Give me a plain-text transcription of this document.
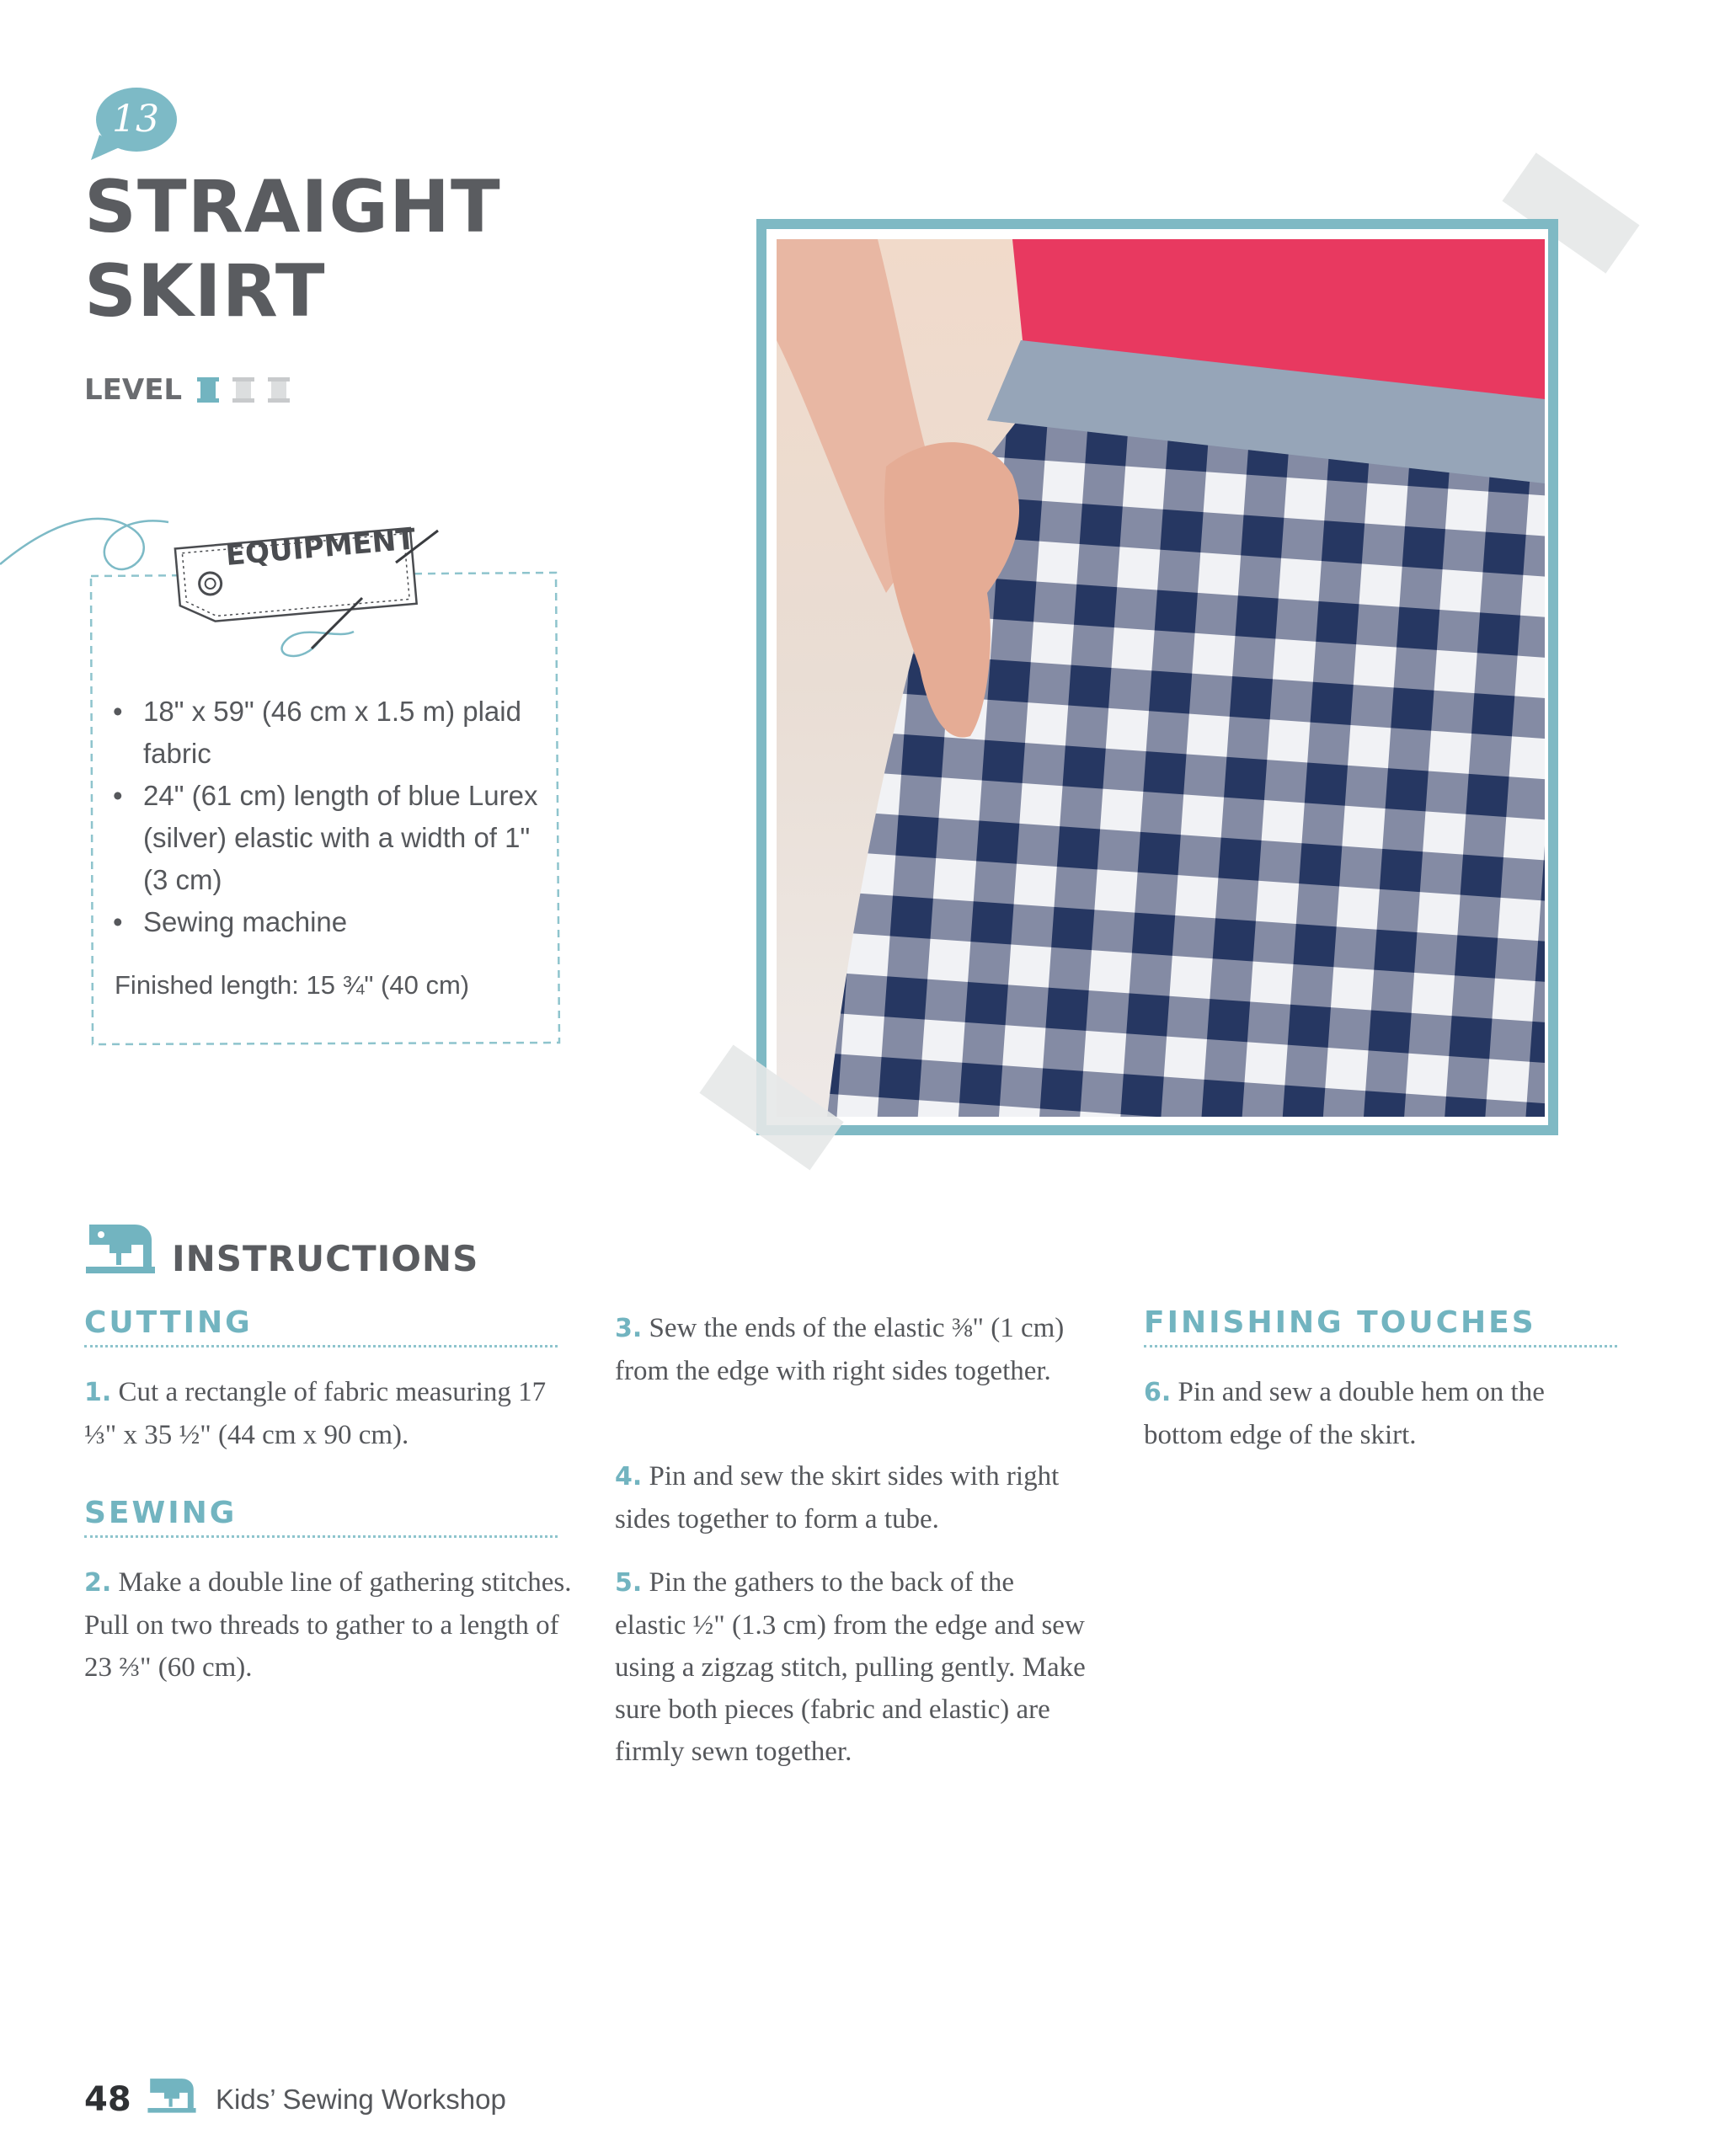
13
STRAIGHT
SKIRT
LEVEL
EQUIPMENT
• 18" x 59" (46 cm x 1.5 m) plaid fabric
• 24" (61 cm) length of blue Lurex (silver) elastic with a width of 1" (3 cm)
• Sewing machine
Finished length: 15 ¾" (40 cm)
INSTRUCTIONS
CUTTING
1. Cut a rectangle of fabric measuring 17 ⅓" x 35 ½" (44 cm x 90 cm).
SEWING
2. Make a double line of gathering stitches. Pull on two threads to gather to a length of 23 ⅔" (60 cm).
3. Sew the ends of the elastic ⅜" (1 cm) from the edge with right sides together.
4. Pin and sew the skirt sides with right sides together to form a tube.
5. Pin the gathers to the back of the elastic ½" (1.3 cm) from the edge and sew using a zigzag stitch, pulling gently. Make sure both pieces (fabric and elastic) are firmly sewn together.
FINISHING TOUCHES
6. Pin and sew a double hem on the bottom edge of the skirt.
48	Kids’ Sewing Workshop
